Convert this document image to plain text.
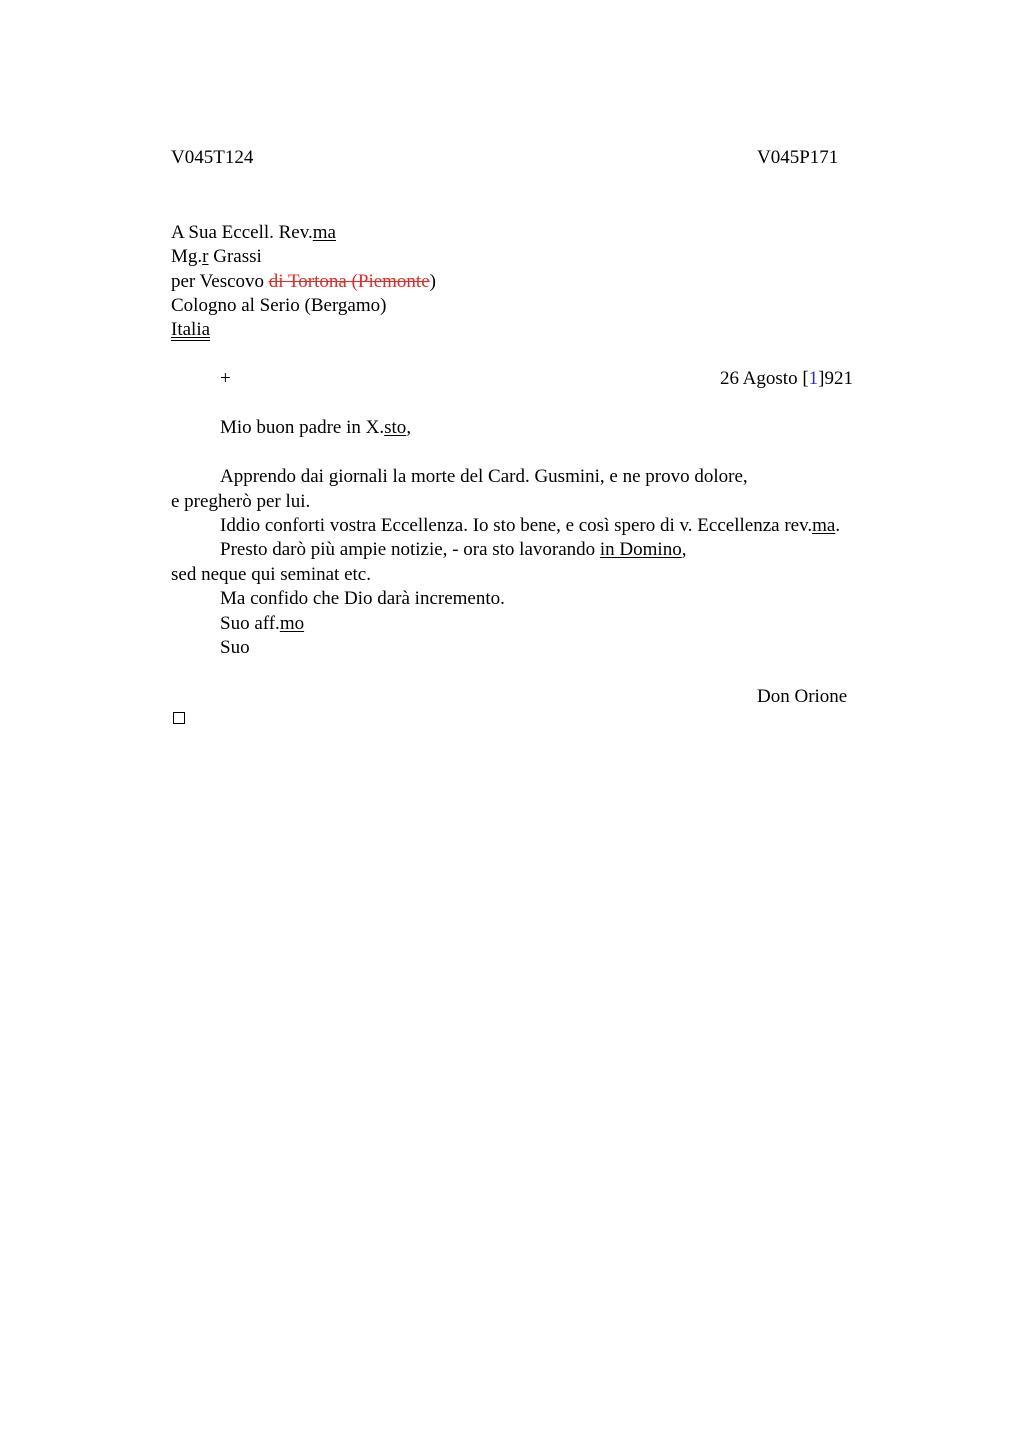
V045T124	V045P171
A Sua Eccell. Rev.ma
Mg.r Grassi
per Vescovo di Tortona (Piemonte)
Cologno al Serio (Bergamo)
Italia
+	26 Agosto [1]921
Mio buon padre in X.sto,
Apprendo dai giornali la morte del Card. Gusmini, e ne provo dolore,
e pregherò per lui.
Iddio conforti vostra Eccellenza. Io sto bene, e così spero di v. Eccellenza rev.ma.
Presto darò più ampie notizie, - ora sto lavorando in Domino,
sed neque qui seminat etc.
Ma confido che Dio darà incremento.
Suo aff.mo
Suo
Don Orione
